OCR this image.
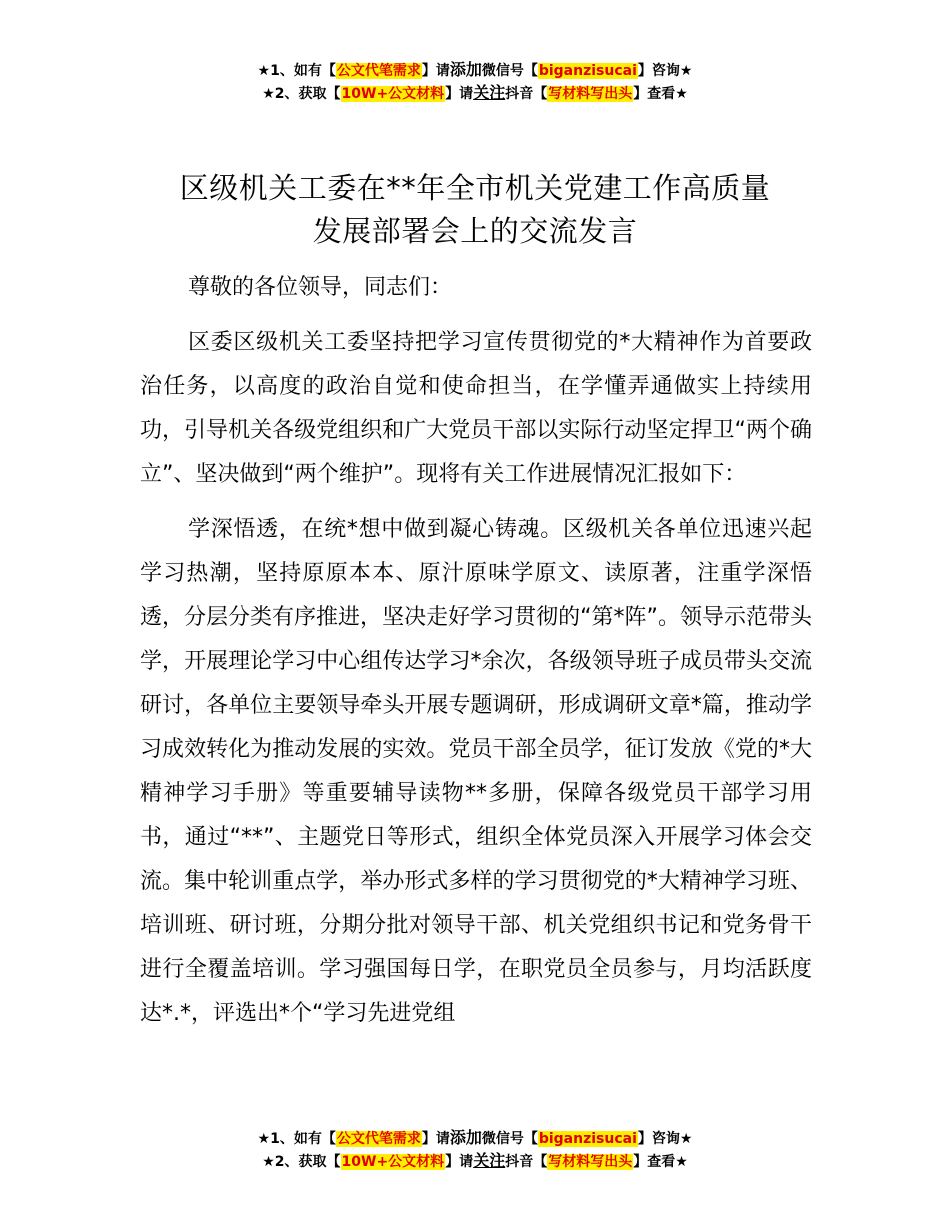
★1、如有【公文代笔需求】请添加微信号【biganzisucai】咨询★
★2、获取【10W+公文材料】请关注抖音【写材料写出头】查看★
区级机关工委在**年全市机关党建工作高质量
发展部署会上的交流发言

尊敬的各位领导，同志们：

区委区级机关工委坚持把学习宣传贯彻党的*大精神作为首要政治任务，以高度的政治自觉和使命担当，在学懂弄通做实上持续用功，引导机关各级党组织和广大党员干部以实际行动坚定捍卫“两个确立”、坚决做到“两个维护”。现将有关工作进展情况汇报如下：

学深悟透，在统*想中做到凝心铸魂。区级机关各单位迅速兴起学习热潮，坚持原原本本、原汁原味学原文、读原著，注重学深悟透，分层分类有序推进，坚决走好学习贯彻的“第*阵”。领导示范带头学，开展理论学习中心组传达学习*余次，各级领导班子成员带头交流研讨，各单位主要领导牵头开展专题调研，形成调研文章*篇，推动学习成效转化为推动发展的实效。党员干部全员学，征订发放《党的*大精神学习手册》等重要辅导读物**多册，保障各级党员干部学习用书，通过“**”、主题党日等形式，组织全体党员深入开展学习体会交流。集中轮训重点学，举办形式多样的学习贯彻党的*大精神学习班、培训班、研讨班，分期分批对领导干部、机关党组织书记和党务骨干进行全覆盖培训。学习强国每日学，在职党员全员参与，月均活跃度达*.*，评选出*个“学习先进党组

★1、如有【公文代笔需求】请添加微信号【biganzisucai】咨询★
★2、获取【10W+公文材料】请关注抖音【写材料写出头】查看★
